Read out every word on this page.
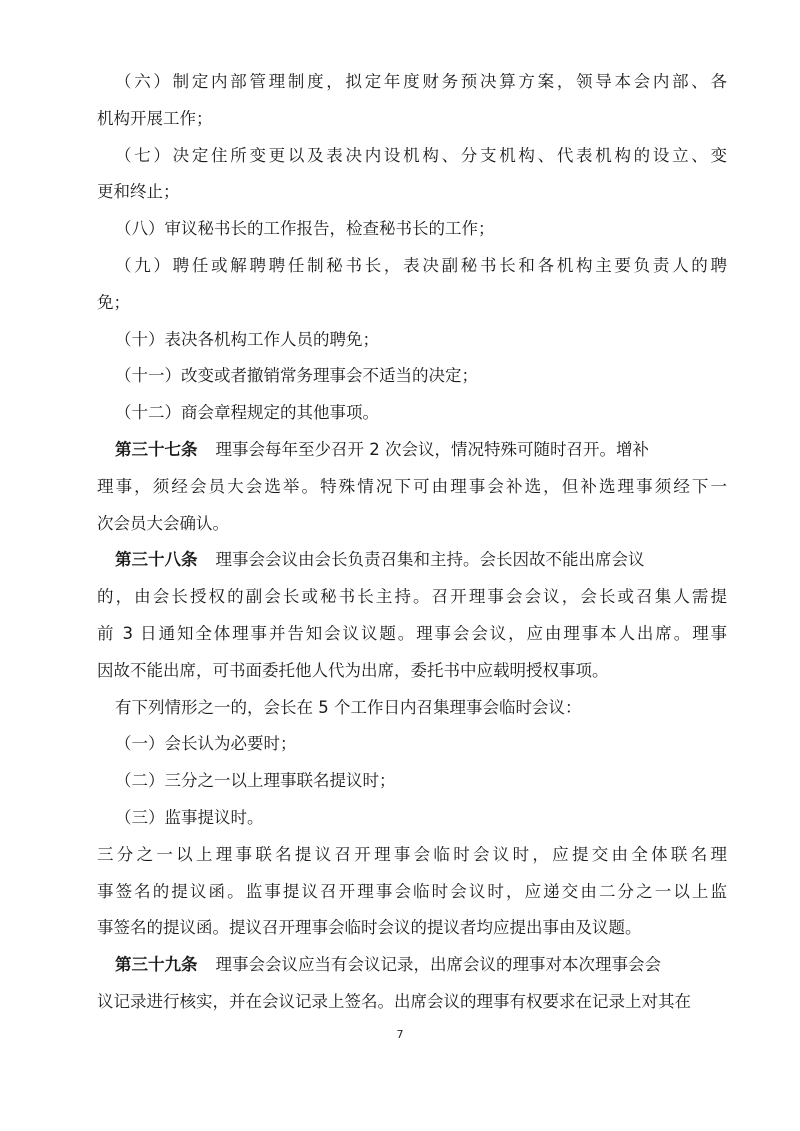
（六）制定内部管理制度，拟定年度财务预决算方案，领导本会内部、各
机构开展工作；
（七）决定住所变更以及表决内设机构、分支机构、代表机构的设立、变
更和终止；
（八）审议秘书长的工作报告，检查秘书长的工作；
（九）聘任或解聘聘任制秘书长，表决副秘书长和各机构主要负责人的聘
免；
（十）表决各机构工作人员的聘免；
（十一）改变或者撤销常务理事会不适当的决定；
（十二）商会章程规定的其他事项。
第三十七条 理事会每年至少召开 2 次会议，情况特殊可随时召开。增补
理事，须经会员大会选举。特殊情况下可由理事会补选，但补选理事须经下一
次会员大会确认。
第三十八条 理事会会议由会长负责召集和主持。会长因故不能出席会议
的，由会长授权的副会长或秘书长主持。召开理事会会议，会长或召集人需提
前 3 日通知全体理事并告知会议议题。理事会会议，应由理事本人出席。理事
因故不能出席，可书面委托他人代为出席，委托书中应载明授权事项。
有下列情形之一的，会长在 5 个工作日内召集理事会临时会议：
（一）会长认为必要时；
（二）三分之一以上理事联名提议时；
（三）监事提议时。
三分之一以上理事联名提议召开理事会临时会议时，应提交由全体联名理
事签名的提议函。监事提议召开理事会临时会议时，应递交由二分之一以上监
事签名的提议函。提议召开理事会临时会议的提议者均应提出事由及议题。
第三十九条 理事会会议应当有会议记录，出席会议的理事对本次理事会会
议记录进行核实，并在会议记录上签名。出席会议的理事有权要求在记录上对其在
7
